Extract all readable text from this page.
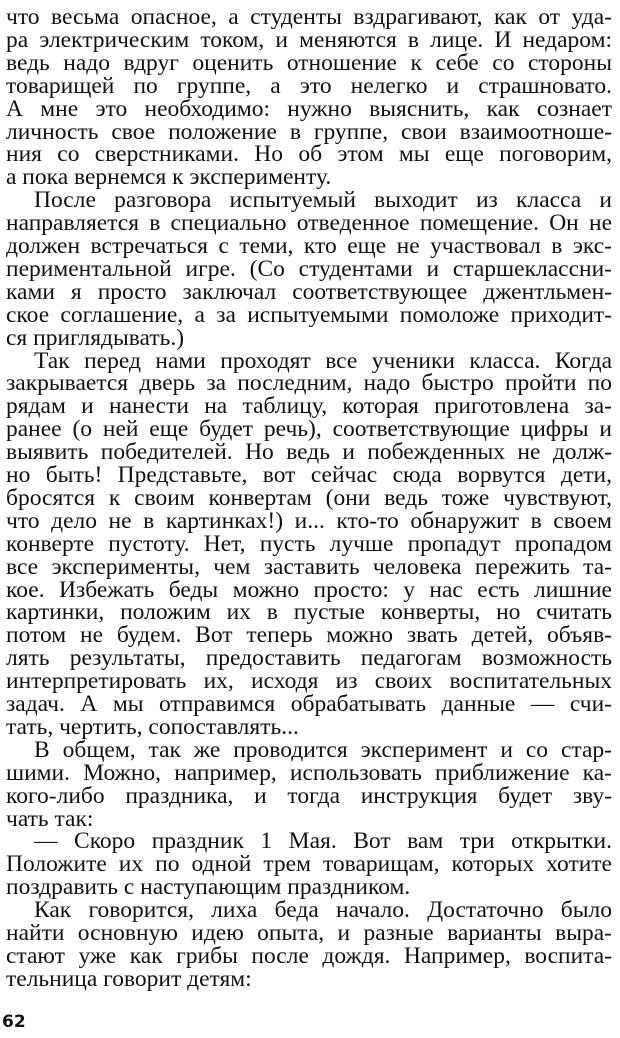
что весьма опасное, а студенты вздрагивают, как от уда-
ра электрическим током, и меняются в лице. И недаром:
ведь надо вдруг оценить отношение к себе со стороны
товарищей по группе, а это нелегко и страшновато.
А мне это необходимо: нужно выяснить, как сознает
личность свое положение в группе, свои взаимоотноше-
ния со сверстниками. Но об этом мы еще поговорим,
а пока вернемся к эксперименту.
После разговора испытуемый выходит из класса и
направляется в специально отведенное помещение. Он не
должен встречаться с теми, кто еще не участвовал в экс-
периментальной игре. (Со студентами и старшеклассни-
ками я просто заключал соответствующее джентльмен-
ское соглашение, а за испытуемыми помоложе приходит-
ся приглядывать.)
Так перед нами проходят все ученики класса. Когда
закрывается дверь за последним, надо быстро пройти по
рядам и нанести на таблицу, которая приготовлена за-
ранее (о ней еще будет речь), соответствующие цифры и
выявить победителей. Но ведь и побежденных не долж-
но быть! Представьте, вот сейчас сюда ворвутся дети,
бросятся к своим конвертам (они ведь тоже чувствуют,
что дело не в картинках!) и... кто-то обнаружит в своем
конверте пустоту. Нет, пусть лучше пропадут пропадом
все эксперименты, чем заставить человека пережить та-
кое. Избежать беды можно просто: у нас есть лишние
картинки, положим их в пустые конверты, но считать
потом не будем. Вот теперь можно звать детей, объяв-
лять результаты, предоставить педагогам возможность
интерпретировать их, исходя из своих воспитательных
задач. А мы отправимся обрабатывать данные — счи-
тать, чертить, сопоставлять...
В общем, так же проводится эксперимент и со стар-
шими. Можно, например, использовать приближение ка-
кого-либо праздника, и тогда инструкция будет зву-
чать так:
— Скоро праздник 1 Мая. Вот вам три открытки.
Положите их по одной трем товарищам, которых хотите
поздравить с наступающим праздником.
Как говорится, лиха беда начало. Достаточно было
найти основную идею опыта, и разные варианты выра-
стают уже как грибы после дождя. Например, воспита-
тельница говорит детям:
62
